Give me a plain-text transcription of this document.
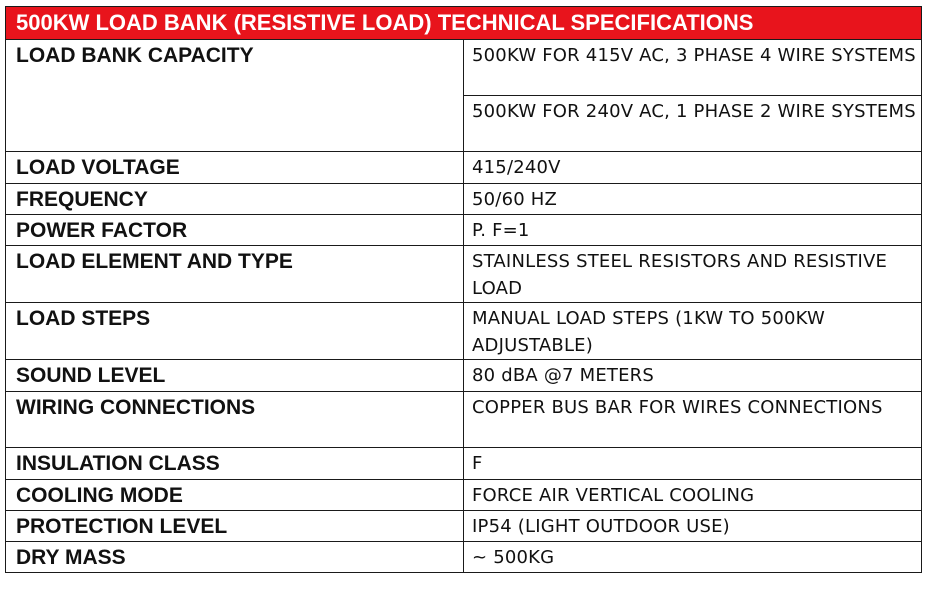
500KW LOAD BANK (RESISTIVE LOAD) TECHNICAL SPECIFICATIONS	
LOAD BANK CAPACITY	500KW FOR 415V AC, 3 PHASE 4 WIRE SYSTEMS
	500KW FOR 240V AC, 1 PHASE 2 WIRE SYSTEMS
LOAD VOLTAGE	415/240V
FREQUENCY	50/60 HZ
POWER FACTOR	P. F=1
LOAD ELEMENT AND TYPE	STAINLESS STEEL RESISTORS AND RESISTIVE LOAD
LOAD STEPS	MANUAL LOAD STEPS (1KW TO 500KW ADJUSTABLE)
SOUND LEVEL	80 dBA @7 METERS
WIRING CONNECTIONS	COPPER BUS BAR FOR WIRES CONNECTIONS
INSULATION CLASS	F
COOLING MODE	FORCE AIR VERTICAL COOLING
PROTECTION LEVEL	IP54 (LIGHT OUTDOOR USE)
DRY MASS	~ 500KG
